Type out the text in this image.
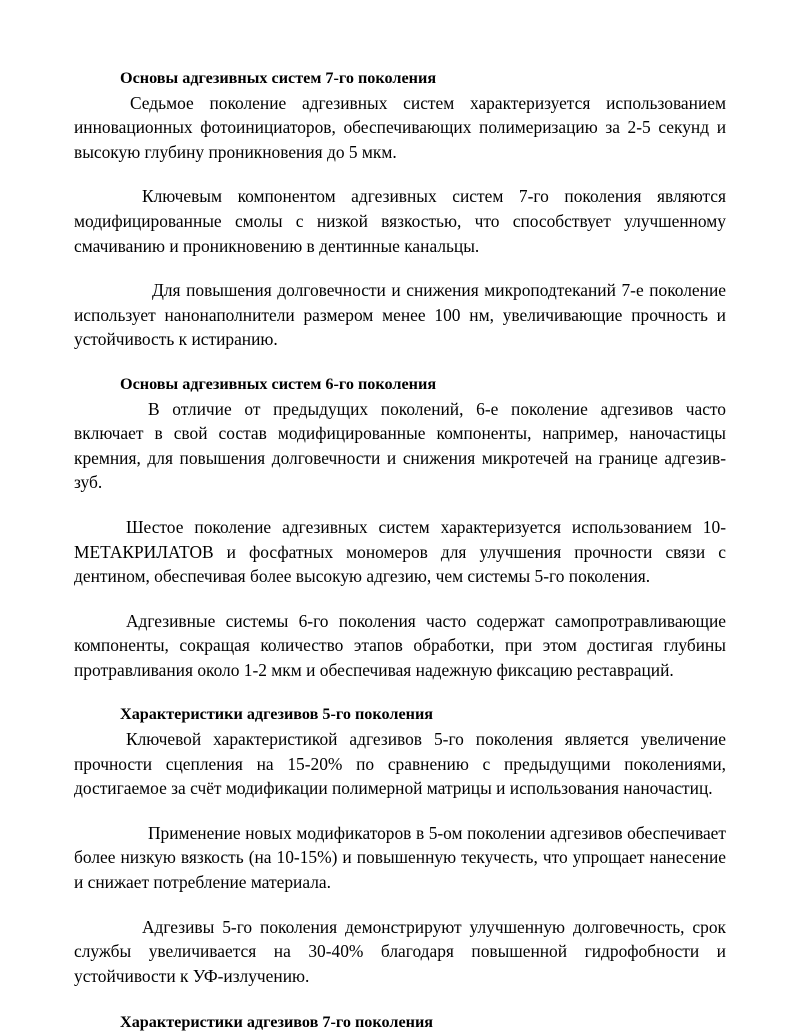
Основы адгезивных систем 7-го поколения

Седьмое поколение адгезивных систем характеризуется использованием инновационных фотоинициаторов, обеспечивающих полимеризацию за 2-5 секунд и высокую глубину проникновения до 5 мкм.

Ключевым компонентом адгезивных систем 7-го поколения являются модифицированные смолы с низкой вязкостью, что способствует улучшенному смачиванию и проникновению в дентинные канальцы.

Для повышения долговечности и снижения микроподтеканий 7-е поколение использует нанонаполнители размером менее 100 нм, увеличивающие прочность и устойчивость к истиранию.

Основы адгезивных систем 6-го поколения

В отличие от предыдущих поколений, 6-е поколение адгезивов часто включает в свой состав модифицированные компоненты, например, наночастицы кремния, для повышения долговечности и снижения микротечей на границе адгезив-зуб.

Шестое поколение адгезивных систем характеризуется использованием 10-МЕТАКРИЛАТОВ и фосфатных мономеров для улучшения прочности связи с дентином, обеспечивая более высокую адгезию, чем системы 5-го поколения.

Адгезивные системы 6-го поколения часто содержат самопротравливающие компоненты, сокращая количество этапов обработки, при этом достигая глубины протравливания около 1-2 мкм и обеспечивая надежную фиксацию реставраций.

Характеристики адгезивов 5-го поколения

Ключевой характеристикой адгезивов 5-го поколения является увеличение прочности сцепления на 15-20% по сравнению с предыдущими поколениями, достигаемое за счёт модификации полимерной матрицы и использования наночастиц.

Применение новых модификаторов в 5-ом поколении адгезивов обеспечивает более низкую вязкость (на 10-15%) и повышенную текучесть, что упрощает нанесение и снижает потребление материала.

Адгезивы 5-го поколения демонстрируют улучшенную долговечность, срок службы увеличивается на 30-40% благодаря повышенной гидрофобности и устойчивости к УФ-излучению.

Характеристики адгезивов 7-го поколения
